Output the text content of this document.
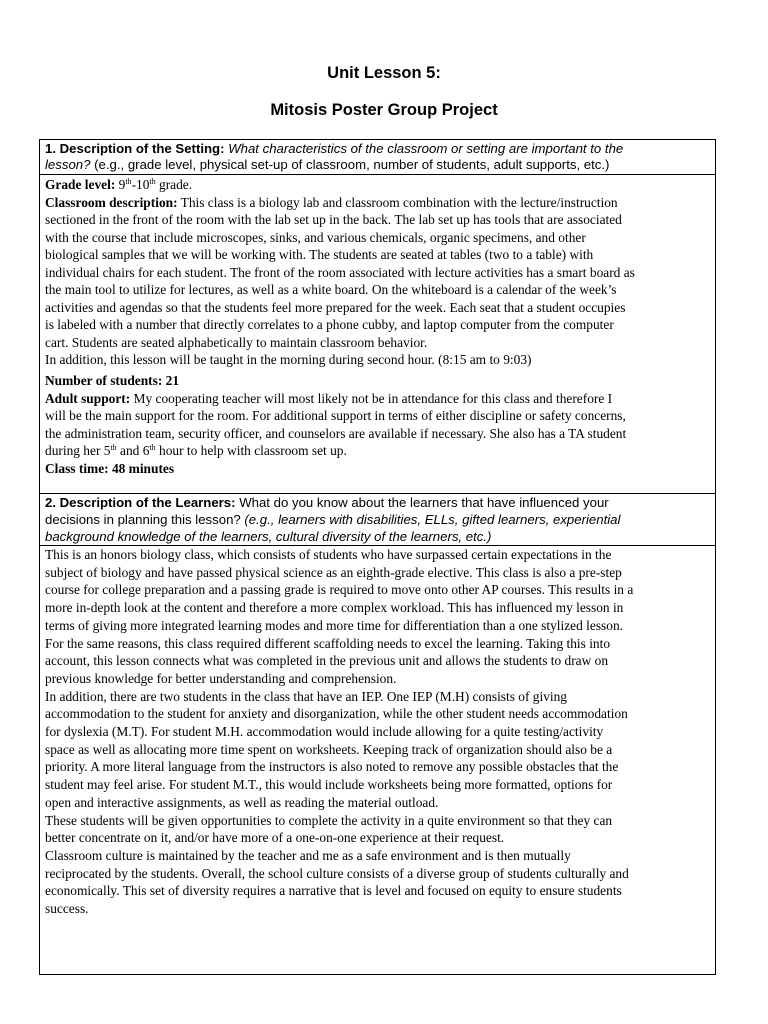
Unit Lesson 5:
Mitosis Poster Group Project
1. Description of the Setting: What characteristics of the classroom or setting are important to the
lesson? (e.g., grade level, physical set-up of classroom, number of students, adult supports, etc.)
Grade level: 9th-10th grade.
Classroom description: This class is a biology lab and classroom combination with the lecture/instruction
sectioned in the front of the room with the lab set up in the back. The lab set up has tools that are associated
with the course that include microscopes, sinks, and various chemicals, organic specimens, and other
biological samples that we will be working with. The students are seated at tables (two to a table) with
individual chairs for each student. The front of the room associated with lecture activities has a smart board as
the main tool to utilize for lectures, as well as a white board. On the whiteboard is a calendar of the week’s
activities and agendas so that the students feel more prepared for the week. Each seat that a student occupies
is labeled with a number that directly correlates to a phone cubby, and laptop computer from the computer
cart. Students are seated alphabetically to maintain classroom behavior.
In addition, this lesson will be taught in the morning during second hour. (8:15 am to 9:03)
Number of students: 21
Adult support: My cooperating teacher will most likely not be in attendance for this class and therefore I
will be the main support for the room. For additional support in terms of either discipline or safety concerns,
the administration team, security officer, and counselors are available if necessary. She also has a TA student
during her 5th and 6th hour to help with classroom set up.
Class time: 48 minutes
2. Description of the Learners: What do you know about the learners that have influenced your
decisions in planning this lesson? (e.g., learners with disabilities, ELLs, gifted learners, experiential
background knowledge of the learners, cultural diversity of the learners, etc.)
This is an honors biology class, which consists of students who have surpassed certain expectations in the
subject of biology and have passed physical science as an eighth-grade elective. This class is also a pre-step
course for college preparation and a passing grade is required to move onto other AP courses. This results in a
more in-depth look at the content and therefore a more complex workload. This has influenced my lesson in
terms of giving more integrated learning modes and more time for differentiation than a one stylized lesson.
For the same reasons, this class required different scaffolding needs to excel the learning. Taking this into
account, this lesson connects what was completed in the previous unit and allows the students to draw on
previous knowledge for better understanding and comprehension.
In addition, there are two students in the class that have an IEP. One IEP (M.H) consists of giving
accommodation to the student for anxiety and disorganization, while the other student needs accommodation
for dyslexia (M.T). For student M.H. accommodation would include allowing for a quite testing/activity
space as well as allocating more time spent on worksheets. Keeping track of organization should also be a
priority. A more literal language from the instructors is also noted to remove any possible obstacles that the
student may feel arise. For student M.T., this would include worksheets being more formatted, options for
open and interactive assignments, as well as reading the material outload.
These students will be given opportunities to complete the activity in a quite environment so that they can
better concentrate on it, and/or have more of a one-on-one experience at their request.
Classroom culture is maintained by the teacher and me as a safe environment and is then mutually
reciprocated by the students. Overall, the school culture consists of a diverse group of students culturally and
economically. This set of diversity requires a narrative that is level and focused on equity to ensure students
success.
